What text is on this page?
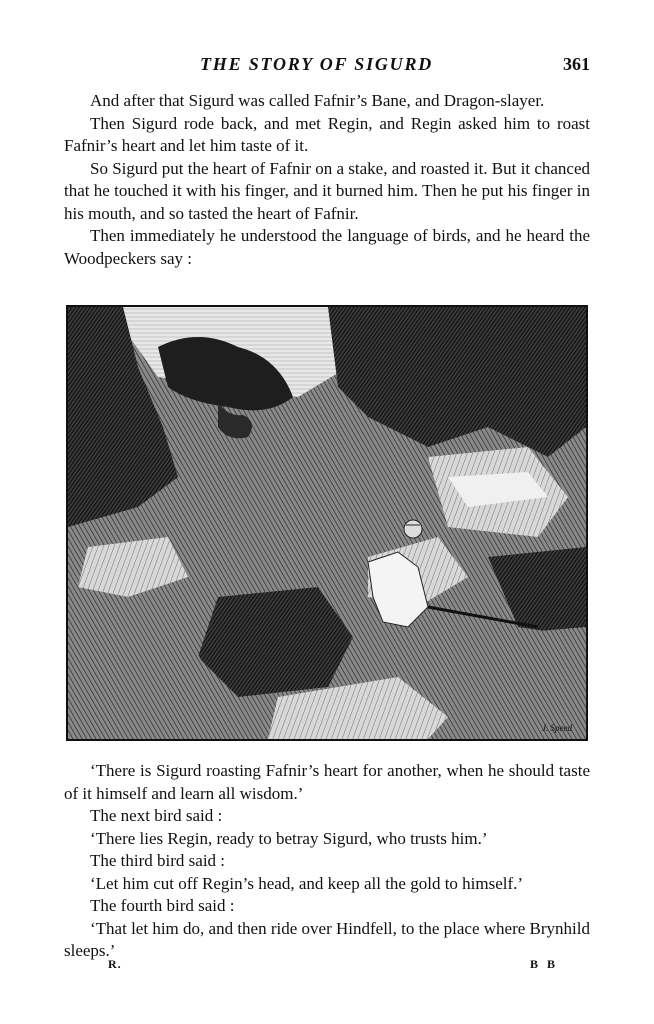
THE STORY OF SIGURD	361

And after that Sigurd was called Fafnir’s Bane, and Dragon-slayer.

Then Sigurd rode back, and met Regin, and Regin asked him to roast Fafnir’s heart and let him taste of it.

So Sigurd put the heart of Fafnir on a stake, and roasted it. But it chanced that he touched it with his finger, and it burned him. Then he put his finger in his mouth, and so tasted the heart of Fafnir.

Then immediately he understood the language of birds, and he heard the Woodpeckers say :

J. Speed

‘There is Sigurd roasting Fafnir’s heart for another, when he should taste of it himself and learn all wisdom.’

The next bird said :

‘There lies Regin, ready to betray Sigurd, who trusts him.’

The third bird said :

‘Let him cut off Regin’s head, and keep all the gold to himself.’

The fourth bird said :

‘That let him do, and then ride over Hindfell, to the place where Brynhild sleeps.’

R.	B B
